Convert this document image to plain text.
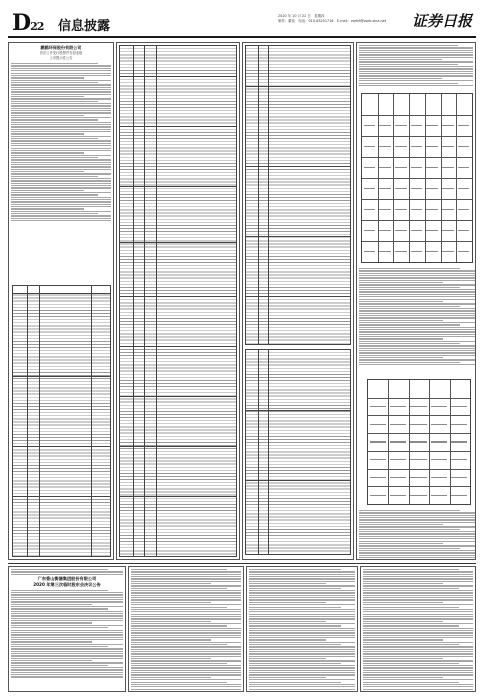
D22 信息披露
2020 年 10 月 22 日　星期四
制作：董伟　电话：010-83251716　E-mail：zqrb9@zqrb.sina.net	证券日报
鹏鹞环保股份有限公司
首次公开发行股票并在创业板
上市提示性公告
广东香山衡器集团股份有限公司
2020 年第三次临时股东会决议公告
